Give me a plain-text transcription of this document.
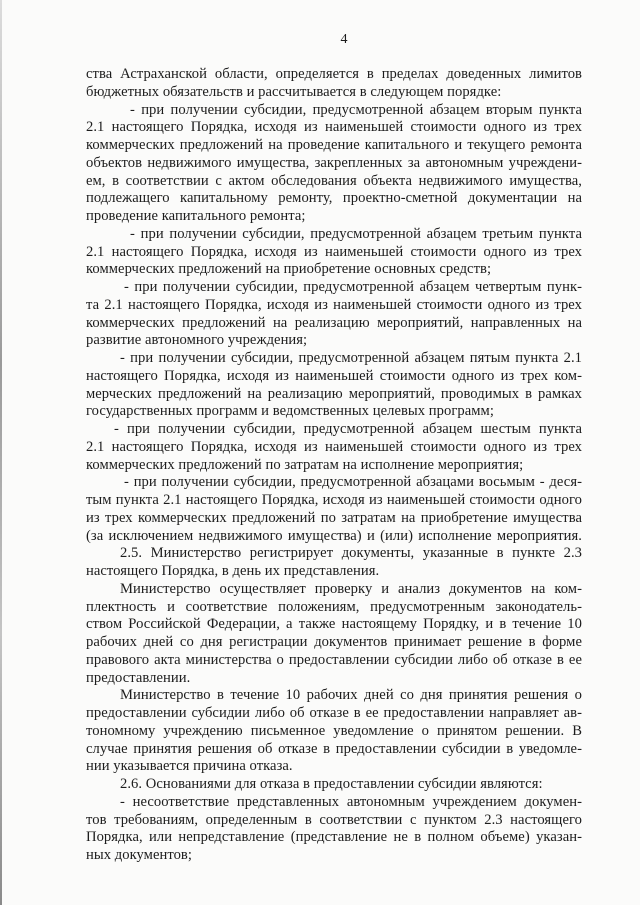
4
ства Астраханской области, определяется в пределах доведенных лимитов
бюджетных обязательств и рассчитывается в следующем порядке:
- при получении субсидии, предусмотренной абзацем вторым пункта
2.1 настоящего Порядка, исходя из наименьшей стоимости одного из трех
коммерческих предложений на проведение капитального и текущего ремонта
объектов недвижимого имущества, закрепленных за автономным учреждени-
ем, в соответствии с актом обследования объекта недвижимого имущества,
подлежащего капитальному ремонту, проектно-сметной документации на
проведение капитального ремонта;
- при получении субсидии, предусмотренной абзацем третьим пункта
2.1 настоящего Порядка, исходя из наименьшей стоимости одного из трех
коммерческих предложений на приобретение основных средств;
- при получении субсидии, предусмотренной абзацем четвертым пунк-
та 2.1 настоящего Порядка, исходя из наименьшей стоимости одного из трех
коммерческих предложений на реализацию мероприятий, направленных на
развитие автономного учреждения;
- при получении субсидии, предусмотренной абзацем пятым пункта 2.1
настоящего Порядка, исходя из наименьшей стоимости одного из трех ком-
мерческих предложений на реализацию мероприятий, проводимых в рамках
государственных программ и ведомственных целевых программ;
- при получении субсидии, предусмотренной абзацем шестым пункта
2.1 настоящего Порядка, исходя из наименьшей стоимости одного из трех
коммерческих предложений по затратам на исполнение мероприятия;
- при получении субсидии, предусмотренной абзацами восьмым - деся-
тым пункта 2.1 настоящего Порядка, исходя из наименьшей стоимости одного
из трех коммерческих предложений по затратам на приобретение имущества
(за исключением недвижимого имущества) и (или) исполнение мероприятия.
2.5. Министерство регистрирует документы, указанные в пункте 2.3
настоящего Порядка, в день их представления.
Министерство осуществляет проверку и анализ документов на ком-
плектность и соответствие положениям, предусмотренным законодатель-
ством Российской Федерации, а также настоящему Порядку, и в течение 10
рабочих дней со дня регистрации документов принимает решение в форме
правового акта министерства о предоставлении субсидии либо об отказе в ее
предоставлении.
Министерство в течение 10 рабочих дней со дня принятия решения о
предоставлении субсидии либо об отказе в ее предоставлении направляет ав-
тономному учреждению письменное уведомление о принятом решении. В
случае принятия решения об отказе в предоставлении субсидии в уведомле-
нии указывается причина отказа.
2.6. Основаниями для отказа в предоставлении субсидии являются:
- несоответствие представленных автономным учреждением докумен-
тов требованиям, определенным в соответствии с пунктом 2.3 настоящего
Порядка, или непредставление (представление не в полном объеме) указан-
ных документов;
